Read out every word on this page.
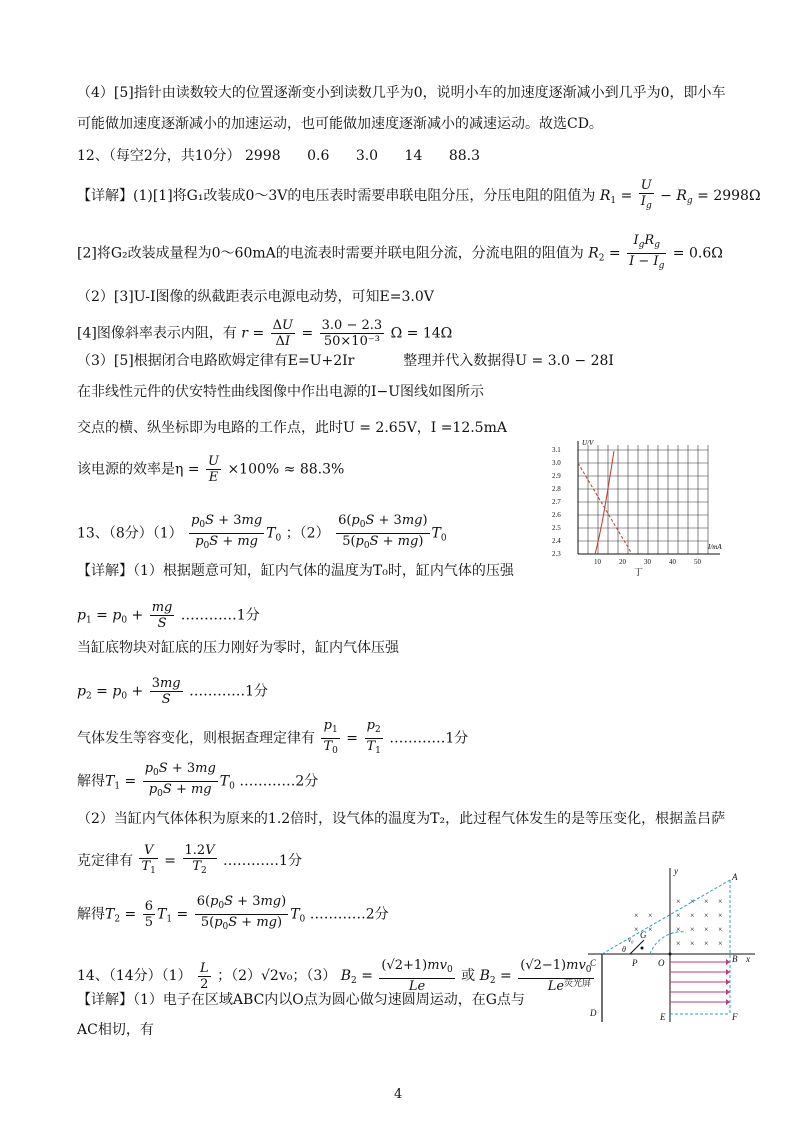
（4）[5]指针由读数较大的位置逐渐变小到读数几乎为0，说明小车的加速度逐渐减小到几乎为0，即小车
可能做加速度逐渐减小的加速运动，也可能做加速度逐渐减小的减速运动。故选CD。
12、（每空2分，共10分） 2998 0.6 3.0 14 88.3
【详解】(1)[1]将G₁改装成0～3V的电压表时需要串联电阻分压，分压电阻的阻值为 $R_1 = \frac{U}{I_g} - R_g = 2998\Omega$
[2]将G₂改装成量程为0～60mA的电流表时需要并联电阻分流，分流电阻的阻值为 $R_2 = \frac{I_gR_g}{I - I_g} = 0.6\Omega$
（2）[3]U-I图像的纵截距表示电源电动势，可知E=3.0V
[4]图像斜率表示内阻，有 $r = \frac{\Delta U}{\Delta I} = \frac{3.0 - 2.3}{\text{50×10⁻³}}$ Ω = 14Ω
（3）[5]根据闭合电路欧姆定律有E=U+2Ir	整理并代入数据得U = 3.0 − 28I
在非线性元件的伏安特性曲线图像中作出电源的I−U图线如图所示
交点的横、纵坐标即为电路的工作点，此时U = 2.65V，I =12.5mA
该电源的效率是$\eta = \frac{U}{E} \times 100\% \approx 88.3\%$
3.1
3.0
2.9
2.8
2.7
2.6
2.5
2.4
2.3
10	20	30	40	50
U/V
I/mA
丁
13、（8分）$(1) \frac{p_0S + 3mg}{p_0S + mg} T_0$ ；$(2) \frac{6(p_0S + 3mg)}{5(p_0S + mg)} T_0$
【详解】（1）根据题意可知，缸内气体的温度为T₀时，缸内气体的压强
$p_1 = p_0 + \frac{mg}{S}$ …………1分
当缸底物块对缸底的压力刚好为零时，缸内气体压强
$p_2 = p_0 + \frac{3mg}{S}$ …………1分
气体发生等容变化，则根据查理定律有 $\frac{p_1}{T_0} = \frac{p_2}{T_1}$ …………1分
解得$T_1 = \frac{p_0S + 3mg}{p_0S + mg} T_0$ …………2分
（2）当缸内气体体积为原来的1.2倍时，设气体的温度为T₂，此过程气体发生的是等压变化，根据盖吕萨
克定律有 $\frac{V}{T_1} = \frac{1.2V}{T_2}$ …………1分
解得$T_2 = \frac{6}{5} T_1 = \frac{6(p_0S + 3mg)}{5(p_0S + mg)} T_0$ …………2分
14、（14分）$(1) \frac{L}{2}$ ；（2）√2v₀；（3） $B_2 = \frac{(√2+1)mv_0}{Le}$ 或 $B_2 = \frac{(√2-1)mv_0}{Le}$
【详解】（1）电子在区域ABC内以O点为圆心做匀速圆周运动，在G点与
AC相切，有
× × × ×
× ×	× × × ×
× ×	× × × ×
× × × ×
y
A
G
v₀
θ
C	P O	B x
荧光屏
D	E	F
4
